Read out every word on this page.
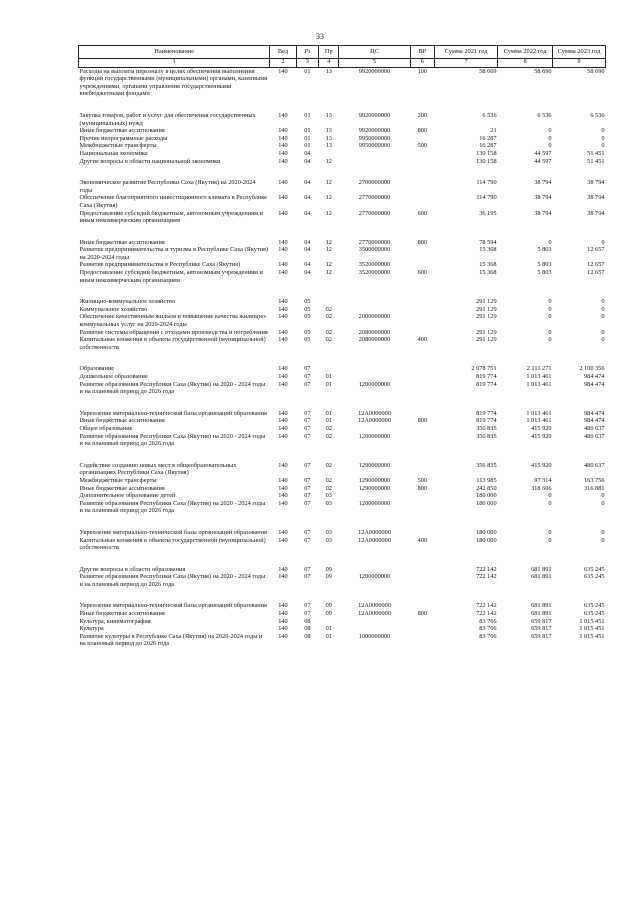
33
Наименование	Вед	Рз	Пр	ЦС	ВР	Сумма 2021 год	Сумма 2022 год	Сумма 2023 год
1	2	3	4	5	6	7	8	9
Расходы на выплаты персоналу в целях обеспечения выполнения функций государственными (муниципальными) органами, казенными учреждениями, органами управления государственными внебюджетными фондами	140	01	13	9920000000	100	58 669	58 690	58 690

Закупка товаров, работ и услуг для обеспечения государственных (муниципальных) нужд	140	01	13	9920000000	200	6 536	6 536	6 536
Иные бюджетные ассигнования	140	01	13	9920000000	800	21	0	0
Прочие непрограммные расходы	140	01	13	9950000000		16 287	0	0
Межбюджетные трансферты	140	01	13	9950000000	500	16 287	0	0
Национальная экономика	140	04				130 158	44 597	51 451
Другие вопросы в области национальной экономики	140	04	12			130 158	44 597	51 451

Экономическое развитие Республики Саха (Якутия) на 2020-2024 годы	140	04	12	2700000000		114 790	38 794	38 794
Обеспечение благоприятного инвестиционного климата в Республике Саха (Якутия)	140	04	12	2770000000		114 790	38 794	38 794
Предоставление субсидий бюджетным, автономным учреждениям и иным некоммерческим организациям	140	04	12	2770000000	600	36 195	38 794	38 794

Иные бюджетные ассигнования	140	04	12	2770000000	800	78 594	0	0
Развитие предпринимательства и туризма в Республике Саха (Якутия) на 2020-2024 годы	140	04	12	3500000000		15 368	5 803	12 657
Развитие предпринимательства в Республике Саха (Якутия)	140	04	12	3520000000		15 368	5 803	12 657
Предоставление субсидий бюджетным, автономным учреждениям и иным некоммерческим организациям	140	04	12	3520000000	600	15 368	5 803	12 657

Жилищно-коммунальное хозяйство	140	05				291 129	0	0
Коммунальное хозяйство	140	05	02			291 129	0	0
Обеспечение качественным жильем и повышение качества жилищно-коммунальных услуг на 2020-2024 годы	140	05	02	2000000000		291 129	0	0
Развитие системы обращения с отходами производства и потребления	140	05	02	2080000000		291 129	0	0
Капитальные вложения в объекты государственной (муниципальной) собственности	140	05	02	2080000000	400	291 129	0	0

Образование	140	07				2 078 751	2 111 271	2 100 356
Дошкольное образование	140	07	01			819 774	1 013 461	984 474
Развитие образования Республики Саха (Якутия) на 2020 - 2024 годы и на плановый период до 2026 года	140	07	01	1200000000		819 774	1 013 461	984 474

Укрепление материально-технической базы организаций образования	140	07	01	12А0000000		819 774	1 013 461	984 474
Иные бюджетные ассигнования	140	07	01	12А0000000	800	819 774	1 013 461	984 474
Общее образование	140	07	02			356 835	415 920	480 637
Развитие образования Республики Саха (Якутия) на 2020 - 2024 годы и на плановый период до 2026 года	140	07	02	1200000000		356 835	415 920	480 637

Содействие созданию новых мест в общеобразовательных организациях Республики Саха (Якутия)	140	07	02	1290000000		356 835	415 920	480 637
Межбюджетные трансферты	140	07	02	1290000000	500	113 985	97 314	163 756
Иные бюджетные ассигнования	140	07	02	1290000000	800	242 850	318 606	316 881
Дополнительное образование детей	140	07	03			180 000	0	0
Развитие образования Республики Саха (Якутия) на 2020 - 2024 годы и на плановый период до 2026 года	140	07	03	1200000000		180 000	0	0

Укрепление материально-технической базы организаций образования	140	07	03	12А0000000		180 000	0	0
Капитальные вложения в объекты государственной (муниципальной) собственности	140	07	03	12А0000000	400	180 000	0	0

Другие вопросы в области образования	140	07	09			722 142	681 891	635 245
Развитие образования Республики Саха (Якутия) на 2020 - 2024 годы и на плановый период до 2026 года	140	07	09	1200000000		722 142	681 891	635 245

Укрепление материально-технической базы организаций образования	140	07	09	12А0000000		722 142	681 891	635 245
Иные бюджетные ассигнования	140	07	09	12А0000000	800	722 142	681 891	635 245
Культура, кинематография	140	08				83 766	659 817	1 015 451
Культура	140	08	01			83 766	659 817	1 015 451
Развитие культуры в Республике Саха (Якутия) на 2020-2024 годы и на плановый период до 2026 года	140	08	01	1000000000		83 766	659 817	1 015 451
